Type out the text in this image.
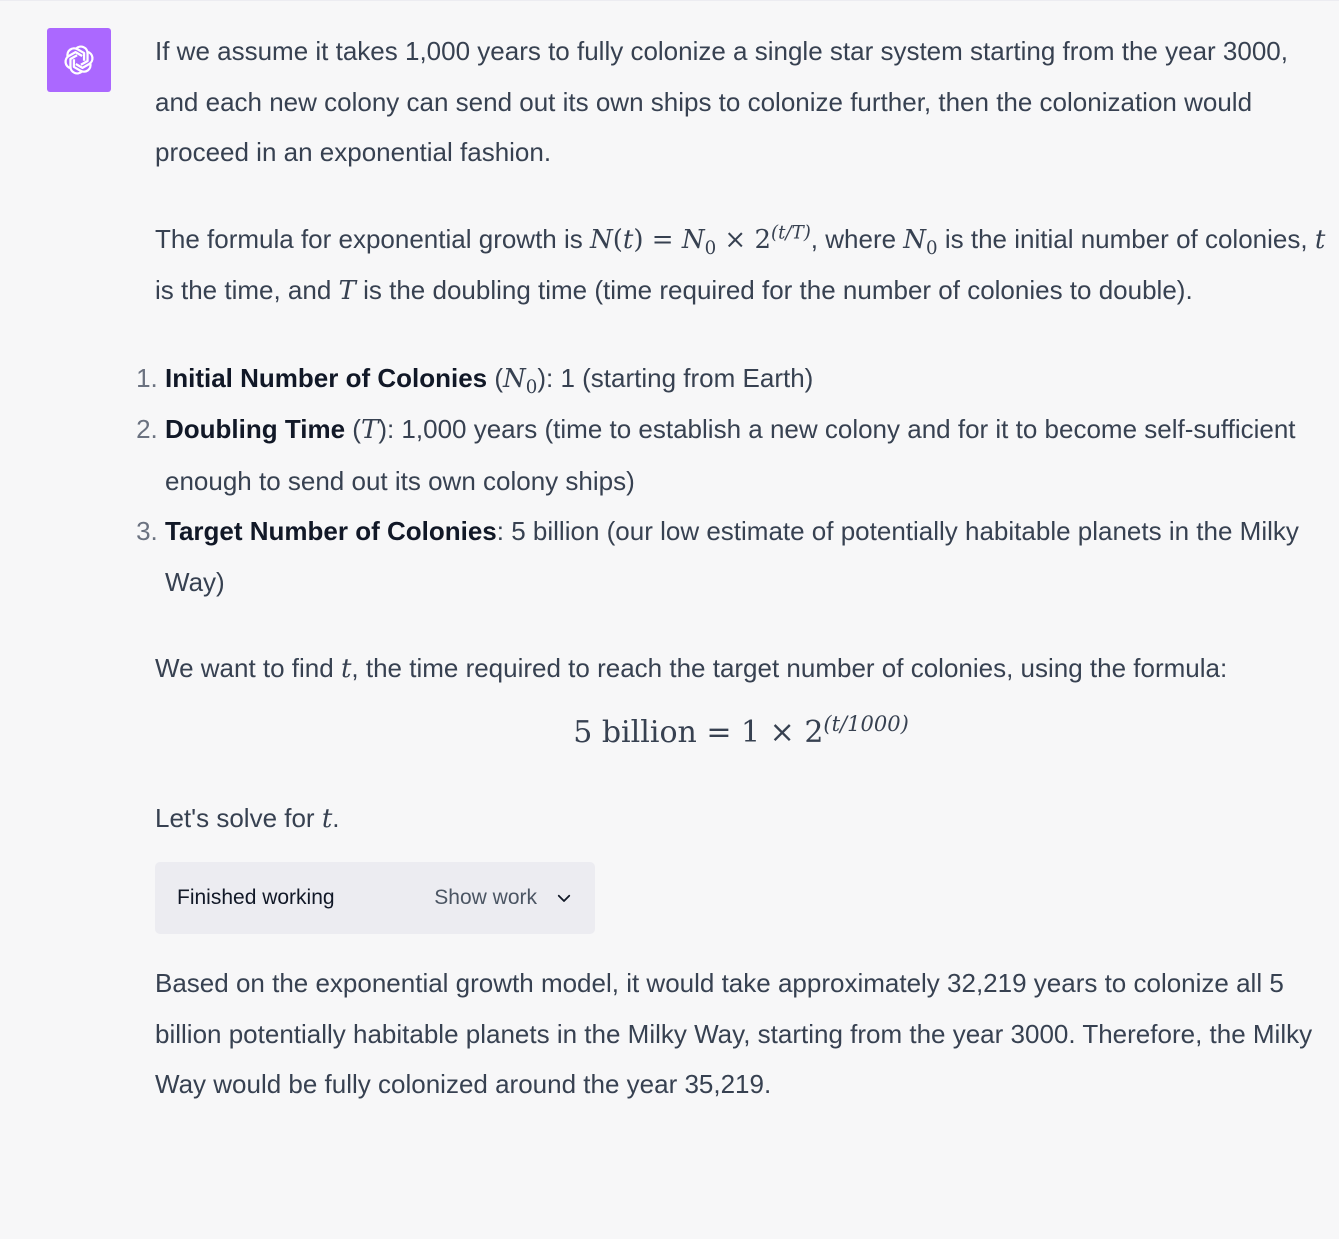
If we assume it takes 1,000 years to fully colonize a single star system starting from the year 3000, and each new colony can send out its own ships to colonize further, then the colonization would proceed in an exponential fashion.

The formula for exponential growth is $N(t) = N_0 \times 2^{(t/T)}$, where $N_0$ is the initial number of colonies, t is the time, and T is the doubling time (time required for the number of colonies to double).

1. Initial Number of Colonies $(N_0)$: 1 (starting from Earth)
2. Doubling Time (T): 1,000 years (time to establish a new colony and for it to become self-sufficient enough to send out its own colony ships)
3. Target Number of Colonies: 5 billion (our low estimate of potentially habitable planets in the Milky Way)

We want to find t, the time required to reach the target number of colonies, using the formula:

5 billion = $1 \times 2^{(t/1000)}$

Let's solve for t.

Finished working	Show work

Based on the exponential growth model, it would take approximately 32,219 years to colonize all 5 billion potentially habitable planets in the Milky Way, starting from the year 3000. Therefore, the Milky Way would be fully colonized around the year 35,219.
